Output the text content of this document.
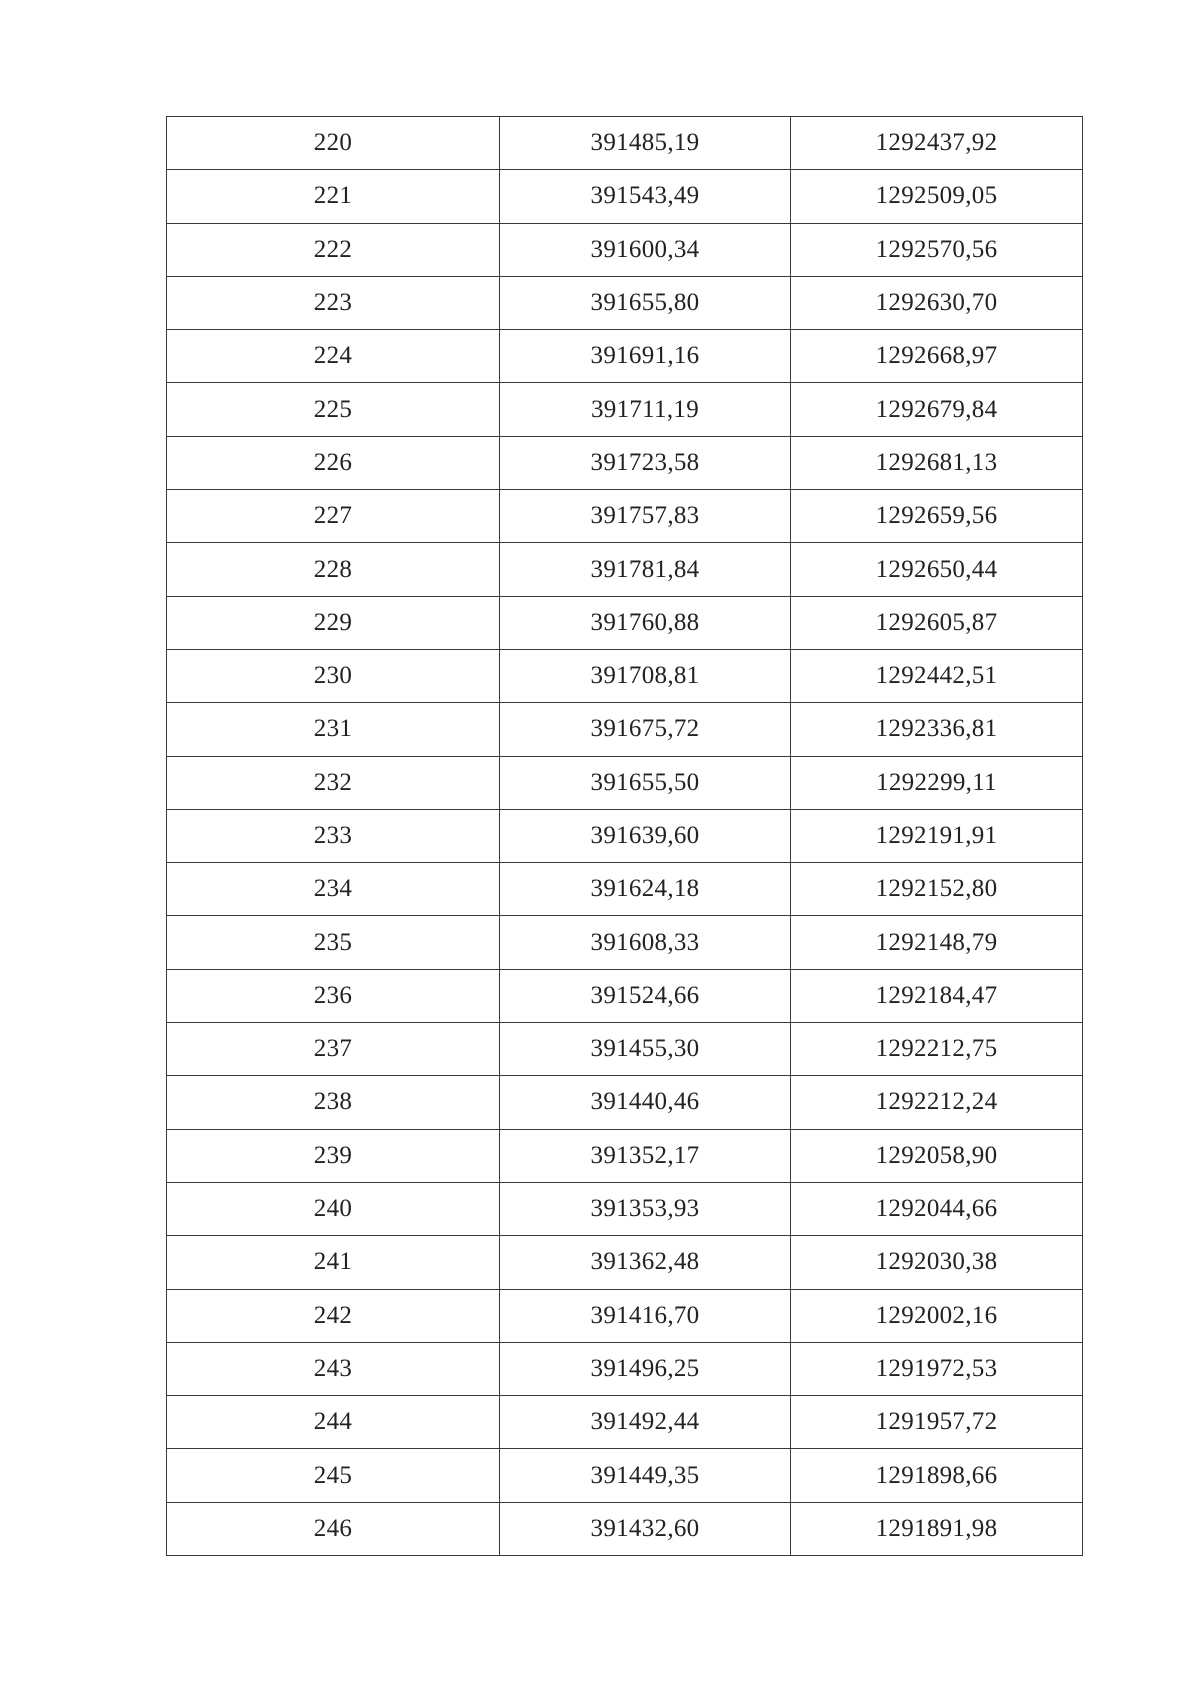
220	391485,19	1292437,92
221	391543,49	1292509,05
222	391600,34	1292570,56
223	391655,80	1292630,70
224	391691,16	1292668,97
225	391711,19	1292679,84
226	391723,58	1292681,13
227	391757,83	1292659,56
228	391781,84	1292650,44
229	391760,88	1292605,87
230	391708,81	1292442,51
231	391675,72	1292336,81
232	391655,50	1292299,11
233	391639,60	1292191,91
234	391624,18	1292152,80
235	391608,33	1292148,79
236	391524,66	1292184,47
237	391455,30	1292212,75
238	391440,46	1292212,24
239	391352,17	1292058,90
240	391353,93	1292044,66
241	391362,48	1292030,38
242	391416,70	1292002,16
243	391496,25	1291972,53
244	391492,44	1291957,72
245	391449,35	1291898,66
246	391432,60	1291891,98
